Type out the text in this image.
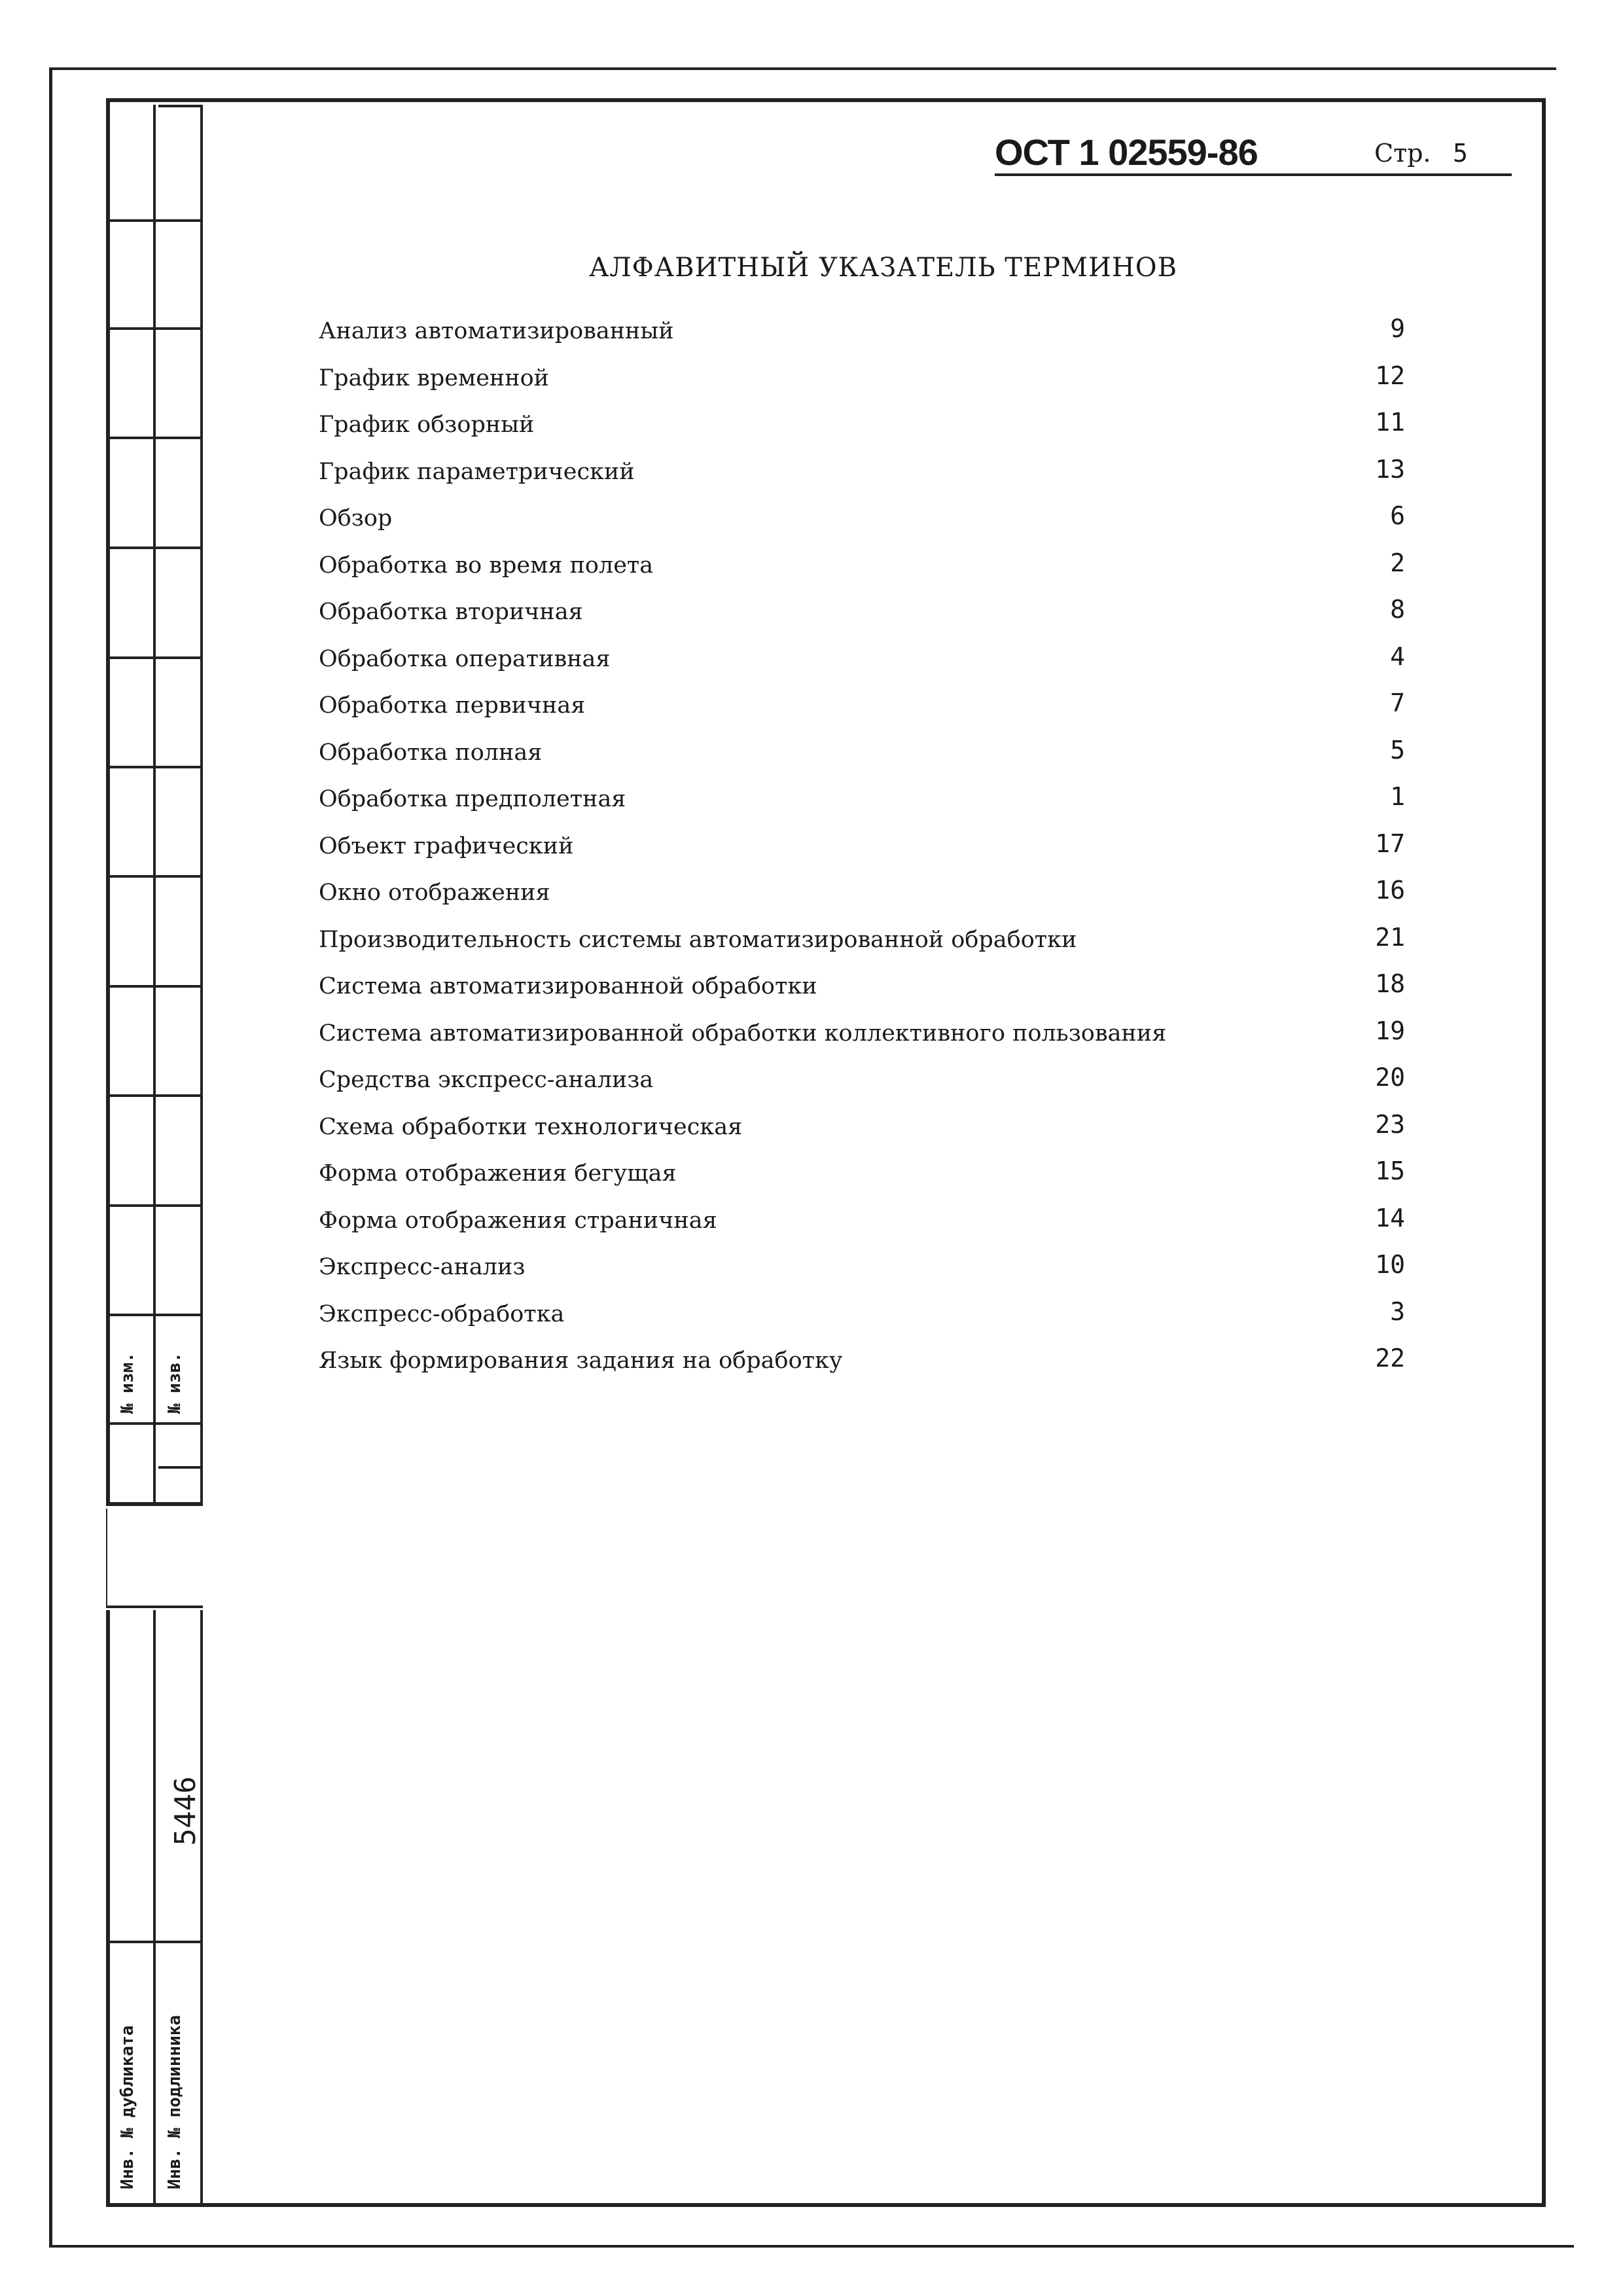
№ изм. № изв.
5446
Инв. № дубликата Инв. № подлинника
ОСТ 1 02559-86	Стр. 5
АЛФАВИТНЫЙ УКАЗАТЕЛЬ ТЕРМИНОВ
Анализ автоматизированный	9
График временной	12
График обзорный	11
График параметрический	13
Обзор	6
Обработка во время полета	2
Обработка вторичная	8
Обработка оперативная	4
Обработка первичная	7
Обработка полная	5
Обработка предполетная	1
Объект графический	17
Окно отображения	16
Производительность системы автоматизированной обработки	21
Система автоматизированной обработки	18
Система автоматизированной обработки коллективного пользования	19
Средства экспресс-анализа	20
Схема обработки технологическая	23
Форма отображения бегущая	15
Форма отображения страничная	14
Экспресс-анализ	10
Экспресс-обработка	3
Язык формирования задания на обработку	22
